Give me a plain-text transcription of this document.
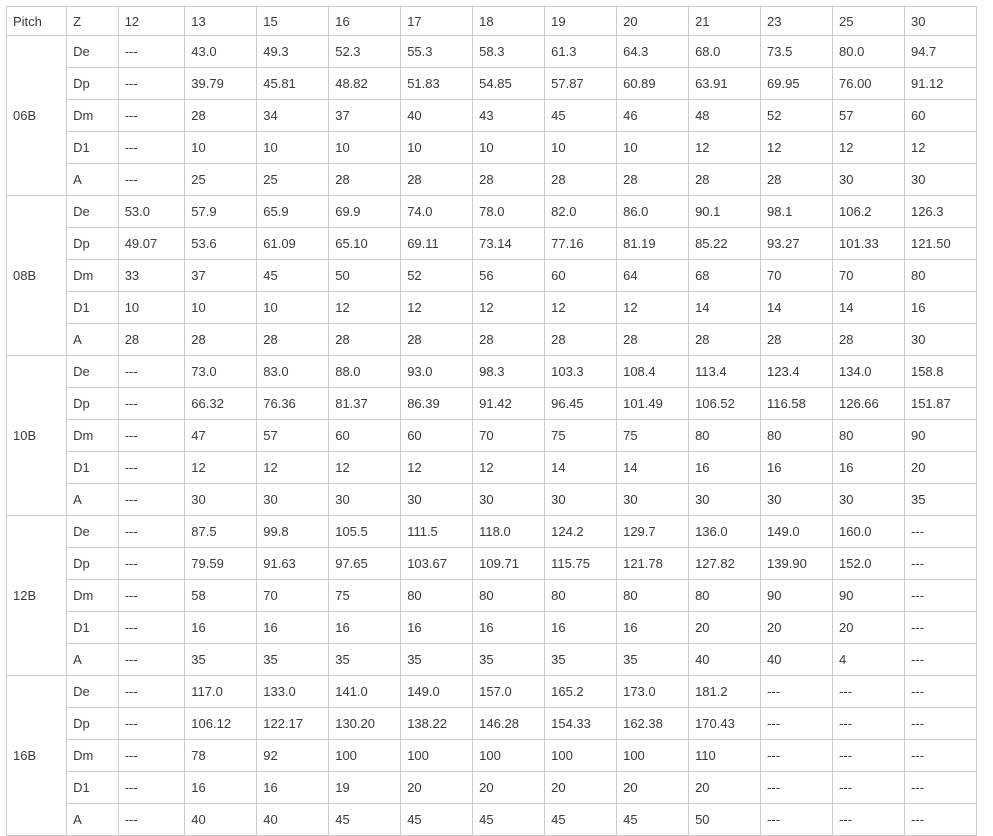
Pitch	Z	12	13	15	16	17	18	19	20	21	23	25	30
06B	De	---	43.0	49.3	52.3	55.3	58.3	61.3	64.3	68.0	73.5	80.0	94.7
	Dp	---	39.79	45.81	48.82	51.83	54.85	57.87	60.89	63.91	69.95	76.00	91.12
	Dm	---	28	34	37	40	43	45	46	48	52	57	60
	D1	---	10	10	10	10	10	10	10	12	12	12	12
	A	---	25	25	28	28	28	28	28	28	28	30	30
08B	De	53.0	57.9	65.9	69.9	74.0	78.0	82.0	86.0	90.1	98.1	106.2	126.3
	Dp	49.07	53.6	61.09	65.10	69.11	73.14	77.16	81.19	85.22	93.27	101.33	121.50
	Dm	33	37	45	50	52	56	60	64	68	70	70	80
	D1	10	10	10	12	12	12	12	12	14	14	14	16
	A	28	28	28	28	28	28	28	28	28	28	28	30
10B	De	---	73.0	83.0	88.0	93.0	98.3	103.3	108.4	113.4	123.4	134.0	158.8
	Dp	---	66.32	76.36	81.37	86.39	91.42	96.45	101.49	106.52	116.58	126.66	151.87
	Dm	---	47	57	60	60	70	75	75	80	80	80	90
	D1	---	12	12	12	12	12	14	14	16	16	16	20
	A	---	30	30	30	30	30	30	30	30	30	30	35
12B	De	---	87.5	99.8	105.5	111.5	118.0	124.2	129.7	136.0	149.0	160.0	---
	Dp	---	79.59	91.63	97.65	103.67	109.71	115.75	121.78	127.82	139.90	152.0	---
	Dm	---	58	70	75	80	80	80	80	80	90	90	---
	D1	---	16	16	16	16	16	16	16	20	20	20	---
	A	---	35	35	35	35	35	35	35	40	40	4	---
16B	De	---	117.0	133.0	141.0	149.0	157.0	165.2	173.0	181.2	---	---	---
	Dp	---	106.12	122.17	130.20	138.22	146.28	154.33	162.38	170.43	---	---	---
	Dm	---	78	92	100	100	100	100	100	110	---	---	---
	D1	---	16	16	19	20	20	20	20	20	---	---	---
	A	---	40	40	45	45	45	45	45	50	---	---	---
